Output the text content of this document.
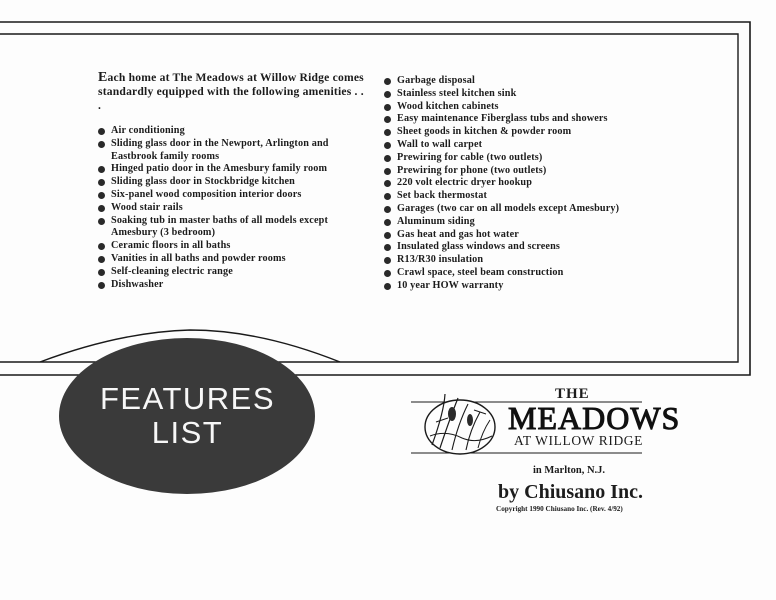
Each home at The Meadows at Willow Ridge comes standardly equipped with the following amenities . . .
Air conditioning
Sliding glass door in the Newport, Arlington and Eastbrook family rooms
Hinged patio door in the Amesbury family room
Sliding glass door in Stockbridge kitchen
Six-panel wood composition interior doors
Wood stair rails
Soaking tub in master baths of all models except Amesbury (3 bedroom)
Ceramic floors in all baths
Vanities in all baths and powder rooms
Self-cleaning electric range
Dishwasher
Garbage disposal
Stainless steel kitchen sink
Wood kitchen cabinets
Easy maintenance Fiberglass tubs and showers
Sheet goods in kitchen & powder room
Wall to wall carpet
Prewiring for cable (two outlets)
Prewiring for phone (two outlets)
220 volt electric dryer hookup
Set back thermostat
Garages (two car on all models except Amesbury)
Aluminum siding
Gas heat and gas hot water
Insulated glass windows and screens
R13/R30 insulation
Crawl space, steel beam construction
10 year HOW warranty
FEATURES
LIST
THE
MEADOWS
AT WILLOW RIDGE
in Marlton, N.J.
by Chiusano Inc.
Copyright 1990 Chiusano Inc. (Rev. 4/92)
